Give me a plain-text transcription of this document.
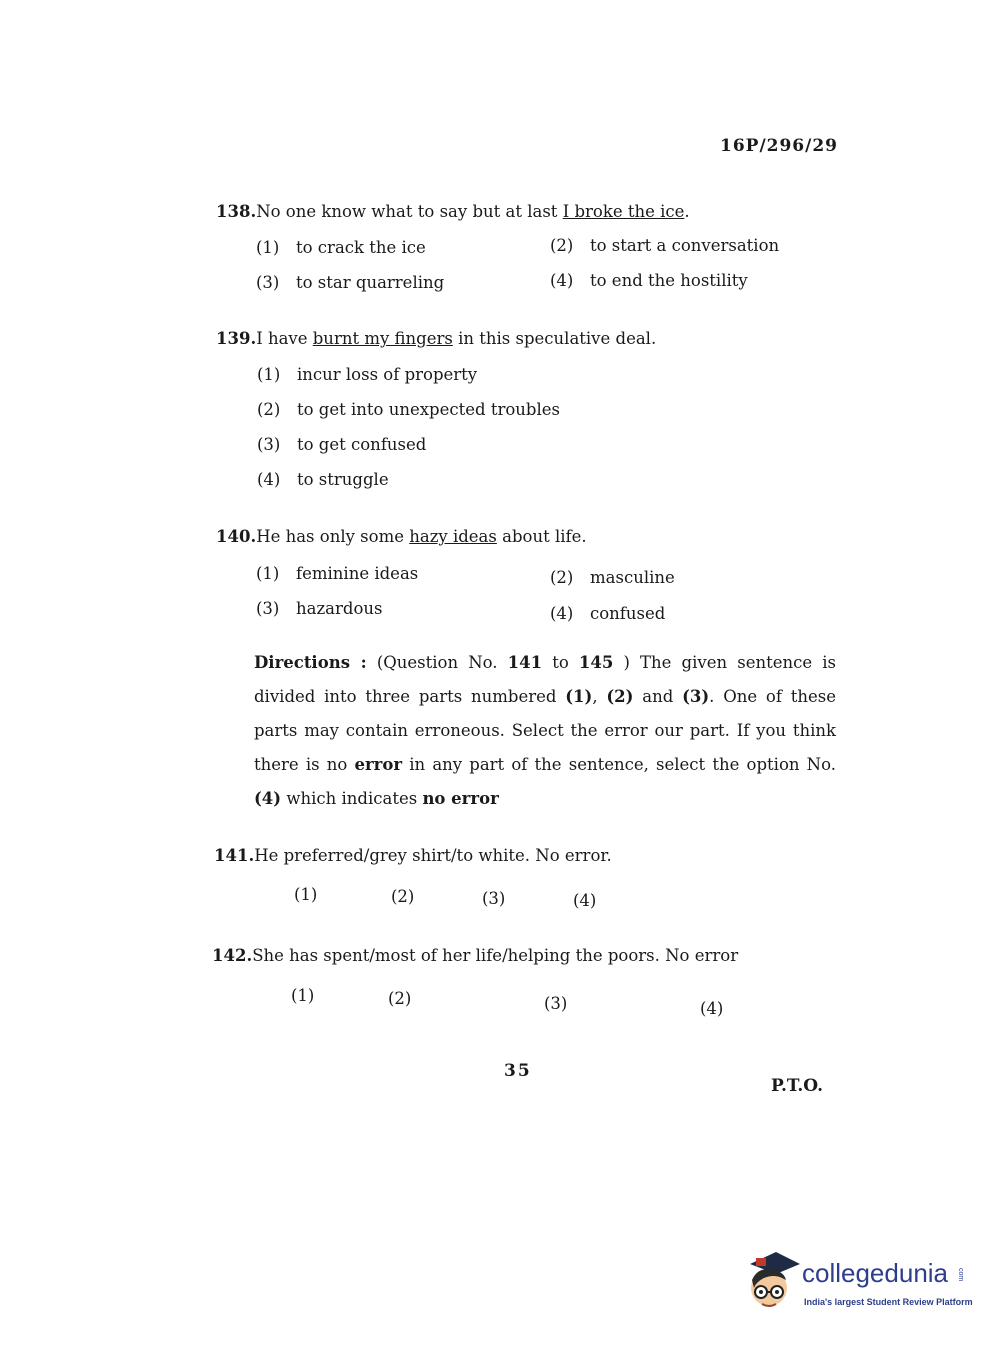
16P/296/29
138.No one know what to say but at last I broke the ice.
(1) to crack the ice	(2) to start a conversation
(3) to star quarreling	(4) to end the hostility
139.I have burnt my fingers in this speculative deal.
(1) incur loss of property
(2) to get into unexpected troubles
(3) to get confused
(4) to struggle
140.He has only some hazy ideas about life.
(1) feminine ideas	(2) masculine
(3) hazardous	(4) confused
Directions : (Question No. 141 to 145 ) The given sentence is divided into three parts numbered (1), (2) and (3). One of these parts may contain erroneous. Select the error our part. If you think there is no error in any part of the sentence, select the option No. (4) which indicates no error
141.He preferred/grey shirt/to white. No error.
(1)	(2)	(3)	(4)
142.She has spent/most of her life/helping the poors. No error
(1)	(2)	(3)	(4)
35
P.T.O.
collegedunia com
India's largest Student Review Platform
